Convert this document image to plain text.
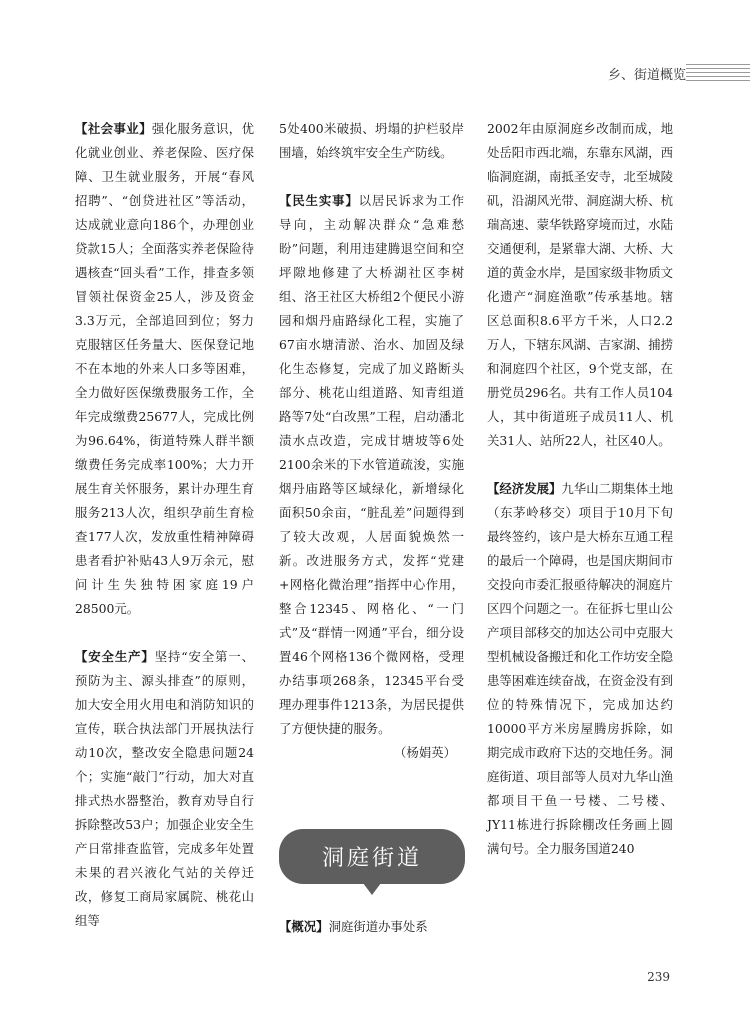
乡、街道概览

【社会事业】强化服务意识，优化就业创业、养老保险、医疗保障、卫生就业服务，开展“春风招聘”、“创贷进社区”等活动，达成就业意向186个，办理创业贷款15人；全面落实养老保险待遇核查“回头看”工作，排查多领冒领社保资金25人，涉及资金3.3万元，全部追回到位；努力克服辖区任务量大、医保登记地不在本地的外来人口多等困难，全力做好医保缴费服务工作，全年完成缴费25677人，完成比例为96.64%，街道特殊人群半额缴费任务完成率100%；大力开展生育关怀服务，累计办理生育服务213人次，组织孕前生育检查177人次，发放重性精神障碍患者看护补贴43人9万余元，慰问计生失独特困家庭19户28500元。

【安全生产】坚持“安全第一、预防为主、源头排查”的原则，加大安全用火用电和消防知识的宣传，联合执法部门开展执法行动10次，整改安全隐患问题24个；实施“敲门”行动，加大对直排式热水器整治，教育劝导自行拆除整改53户；加强企业安全生产日常排查监管，完成多年处置未果的君兴液化气站的关停迁改，修复工商局家属院、桃花山组等

5处400米破损、坍塌的护栏驳岸围墙，始终筑牢安全生产防线。

【民生实事】以居民诉求为工作导向，主动解决群众“急难愁盼”问题，利用违建腾退空间和空坪隙地修建了大桥湖社区李树组、洛王社区大桥组2个便民小游园和烟丹庙路绿化工程，实施了67亩水塘清淤、治水、加固及绿化生态修复，完成了加义路断头部分、桃花山组道路、知青组道路等7处“白改黑”工程，启动潘北渍水点改造，完成甘塘坡等6处2100余米的下水管道疏浚，实施烟丹庙路等区域绿化，新增绿化面积50余亩，“脏乱差”问题得到了较大改观，人居面貌焕然一新。改进服务方式，发挥“党建+网格化微治理”指挥中心作用，整合12345、网格化、“一门式”及“群情一网通”平台，细分设置46个网格136个微网格，受理办结事项268条，12345平台受理办理事件1213条，为居民提供了方便快捷的服务。

（杨娟英）

洞庭街道
【概况】洞庭街道办事处系

2002年由原洞庭乡改制而成，地处岳阳市西北端，东靠东风湖，西临洞庭湖，南抵圣安寺，北至城陵矶，沿湖风光带、洞庭湖大桥、杭瑞高速、蒙华铁路穿境而过，水陆交通便利，是紧靠大湖、大桥、大道的黄金水岸，是国家级非物质文化遗产“洞庭渔歌”传承基地。辖区总面积8.6平方千米，人口2.2万人，下辖东风湖、吉家湖、捕捞和洞庭四个社区，9个党支部，在册党员296名。共有工作人员104人，其中街道班子成员11人、机关31人、站所22人，社区40人。

【经济发展】九华山二期集体土地（东茅岭移交）项目于10月下旬最终签约，该户是大桥东互通工程的最后一个障碍，也是国庆期间市交投向市委汇报亟待解决的洞庭片区四个问题之一。在征拆七里山公产项目部移交的加达公司中克服大型机械设备搬迁和化工作坊安全隐患等困难连续奋战，在资金没有到位的特殊情况下，完成加达约10000平方米房屋腾房拆除，如期完成市政府下达的交地任务。洞庭街道、项目部等人员对九华山渔都项目干鱼一号楼、二号楼、JY11栋进行拆除棚改任务画上圆满句号。全力服务国道240

239
